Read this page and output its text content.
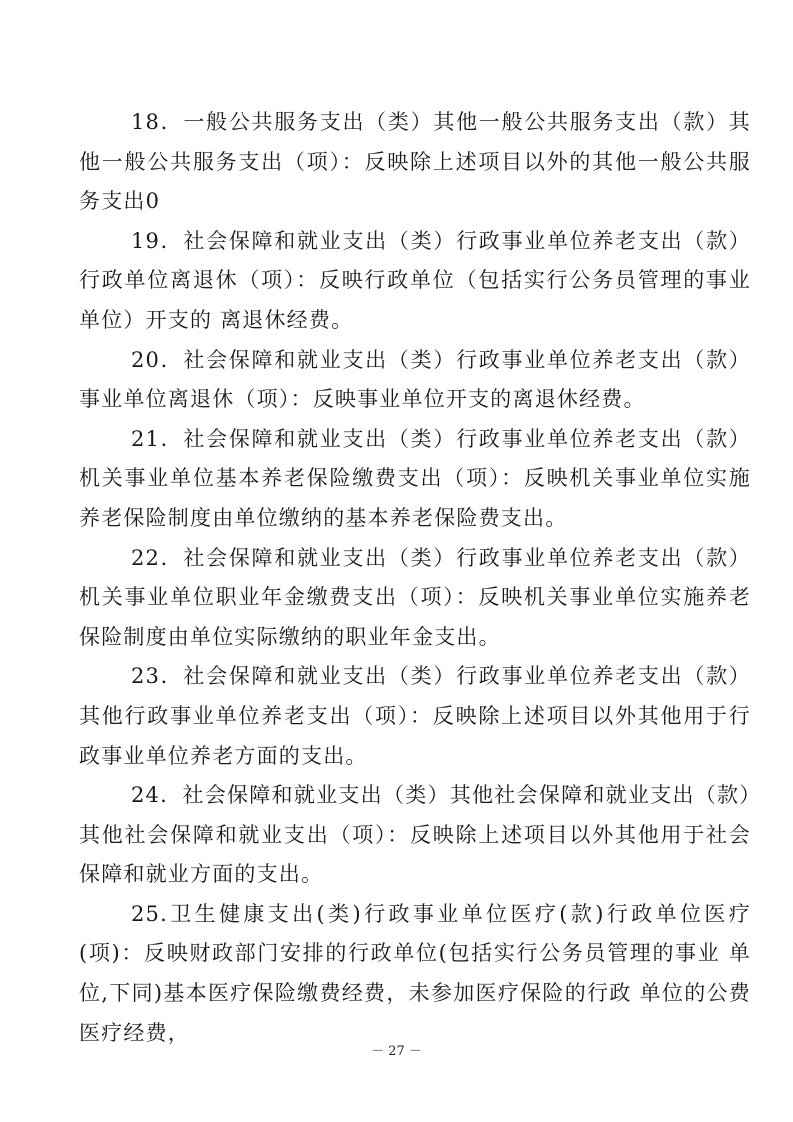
18．一般公共服务支出（类）其他一般公共服务支出（款）其他一般公共服务支出（项）：反映除上述项目以外的其他一般公共服务支出0

19．社会保障和就业支出（类）行政事业单位养老支出（款）行政单位离退休（项）：反映行政单位（包括实行公务员管理的事业单位）开支的 离退休经费。

20．社会保障和就业支出（类）行政事业单位养老支出（款）事业单位离退休（项）：反映事业单位开支的离退休经费。

21．社会保障和就业支出（类）行政事业单位养老支出（款）机关事业单位基本养老保险缴费支出（项）：反映机关事业单位实施养老保险制度由单位缴纳的基本养老保险费支出。

22．社会保障和就业支出（类）行政事业单位养老支出（款）机关事业单位职业年金缴费支出（项）：反映机关事业单位实施养老保险制度由单位实际缴纳的职业年金支出。

23．社会保障和就业支出（类）行政事业单位养老支出（款）其他行政事业单位养老支出（项）：反映除上述项目以外其他用于行政事业单位养老方面的支出。

24．社会保障和就业支出（类）其他社会保障和就业支出（款）其他社会保障和就业支出（项）：反映除上述项目以外其他用于社会保障和就业方面的支出。

25.卫生健康支出(类)行政事业单位医疗(款)行政单位医疗(项)：反映财政部门安排的行政单位(包括实行公务员管理的事业 单位,下同)基本医疗保险缴费经费，未参加医疗保险的行政 单位的公费医疗经费，

－ 27 －
